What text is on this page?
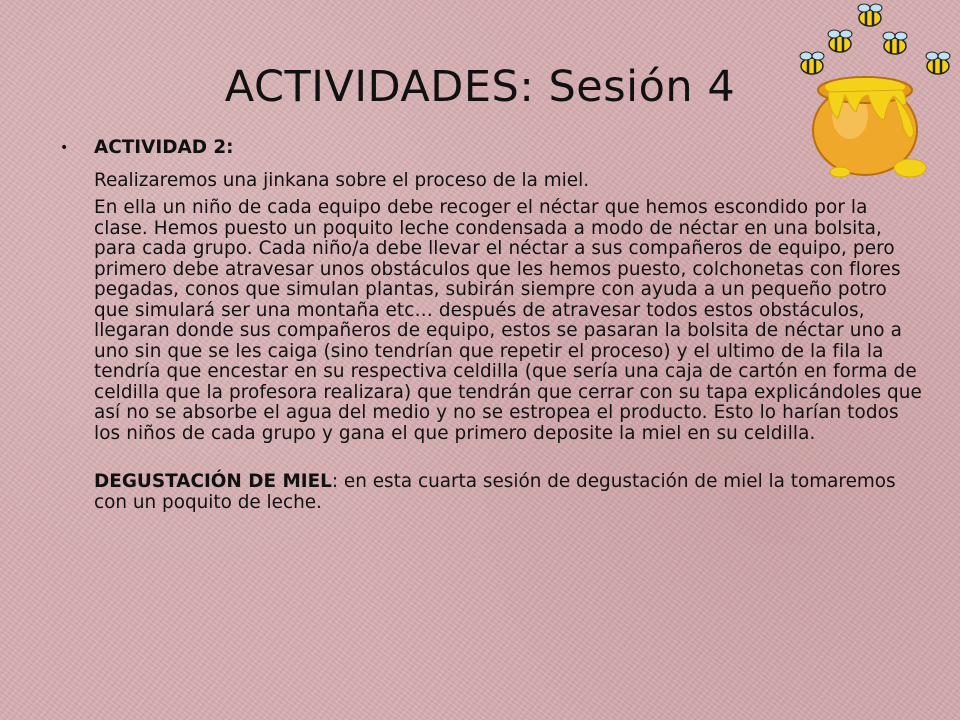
ACTIVIDADES: Sesión 4
•	ACTIVIDAD 2:
Realizaremos una jinkana sobre el proceso de la miel.
En ella un niño de cada equipo debe recoger el néctar que hemos escondido por la clase. Hemos puesto un poquito leche condensada a modo de néctar en una bolsita, para cada grupo. Cada niño/a debe llevar el néctar a sus compañeros de equipo, pero primero debe atravesar unos obstáculos que les hemos puesto, colchonetas con flores pegadas, conos que simulan plantas, subirán siempre con ayuda a un pequeño potro que simulará ser una montaña etc… después de atravesar todos estos obstáculos, llegaran donde sus compañeros de equipo, estos se pasaran la bolsita de néctar uno a uno sin que se les caiga (sino tendrían que repetir el proceso) y el ultimo de la fila la tendría que encestar en su respectiva celdilla (que sería una caja de cartón en forma de celdilla que la profesora realizara) que tendrán que cerrar con su tapa explicándoles que así no se absorbe el agua del medio y no se estropea el producto. Esto lo harían todos los niños de cada grupo y gana el que primero deposite la miel en su celdilla.
DEGUSTACIÓN DE MIEL: en esta cuarta sesión de degustación de miel la tomaremos con un poquito de leche.
